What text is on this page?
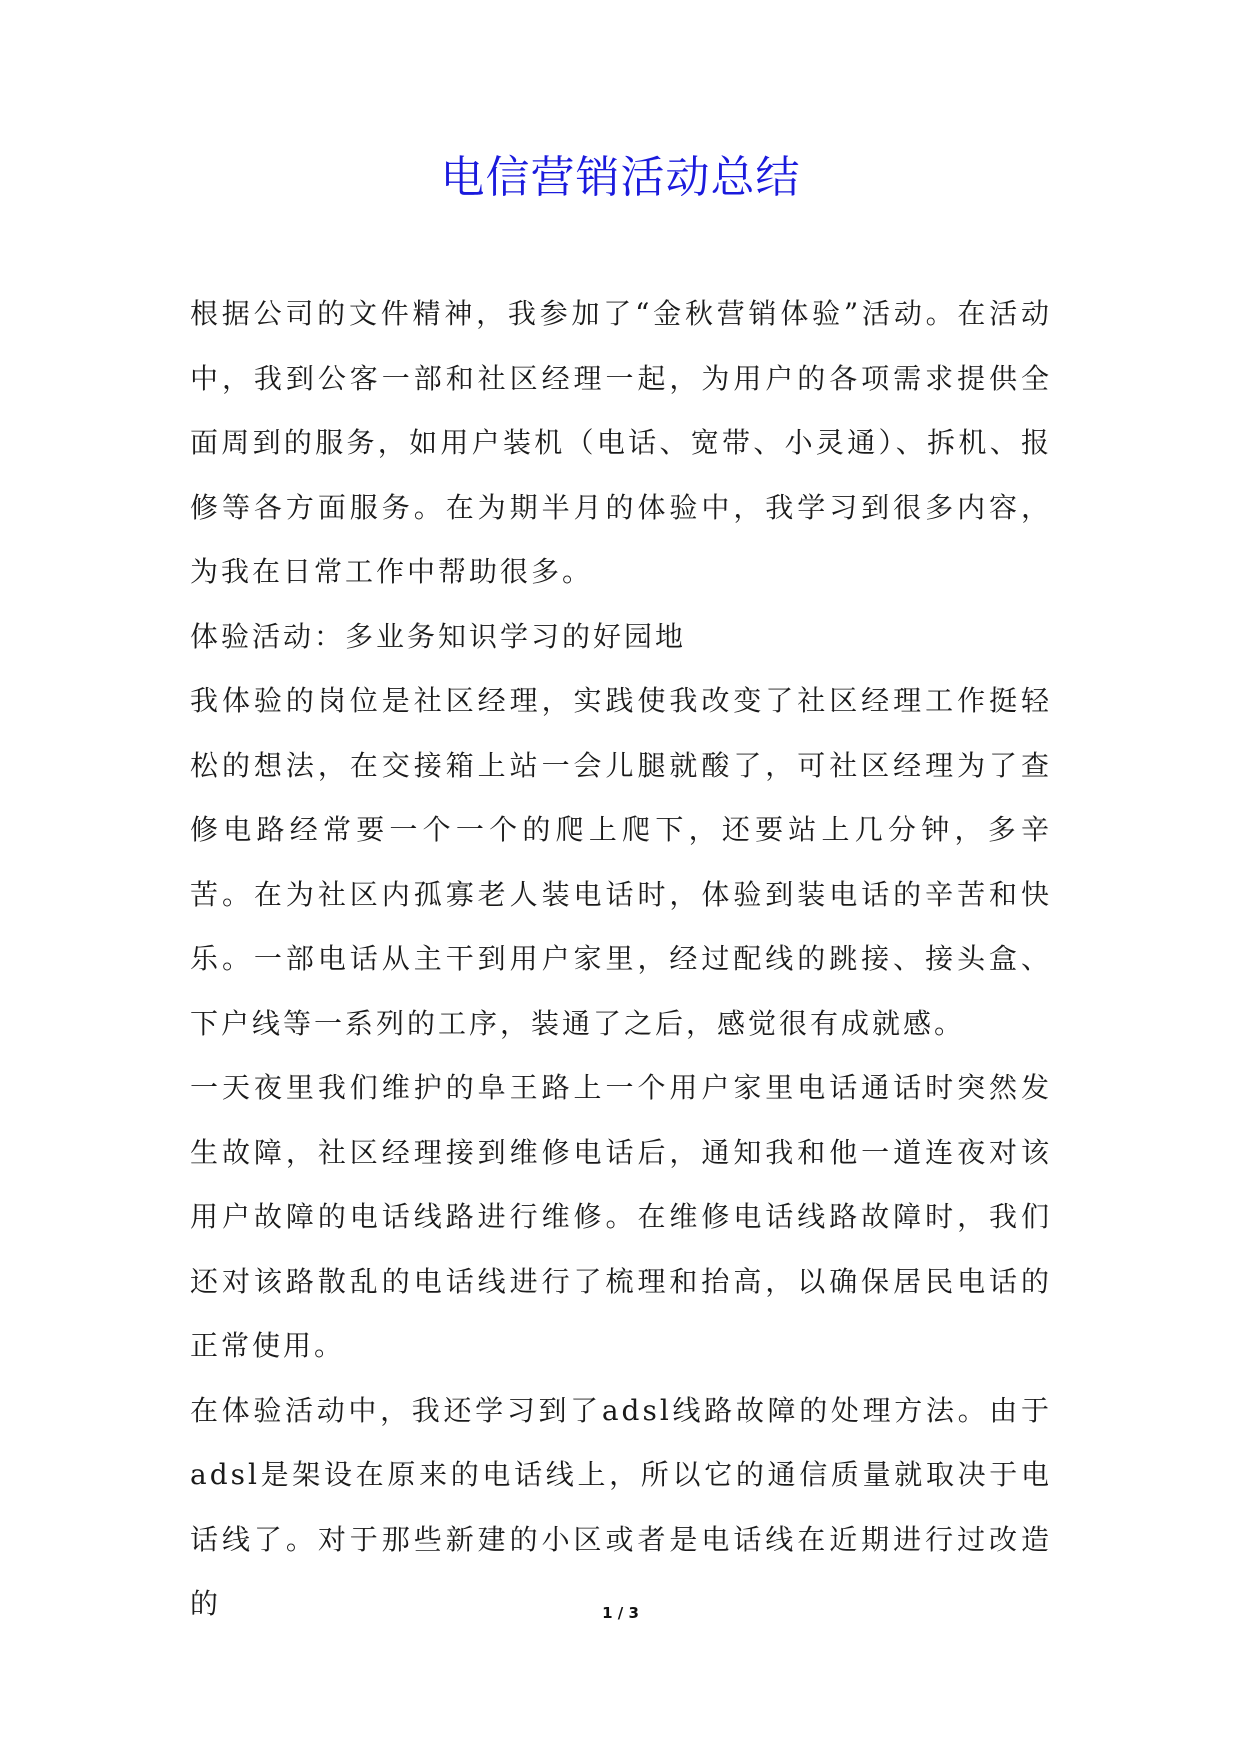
电信营销活动总结

根据公司的文件精神，我参加了“金秋营销体验”活动。在活动中，我到公客一部和社区经理一起，为用户的各项需求提供全面周到的服务，如用户装机（电话、宽带、小灵通）、拆机、报修等各方面服务。在为期半月的体验中，我学习到很多内容，为我在日常工作中帮助很多。

体验活动：多业务知识学习的好园地

我体验的岗位是社区经理，实践使我改变了社区经理工作挺轻松的想法，在交接箱上站一会儿腿就酸了，可社区经理为了查修电路经常要一个一个的爬上爬下，还要站上几分钟，多辛苦。在为社区内孤寡老人装电话时，体验到装电话的辛苦和快乐。一部电话从主干到用户家里，经过配线的跳接、接头盒、下户线等一系列的工序，装通了之后，感觉很有成就感。

一天夜里我们维护的阜王路上一个用户家里电话通话时突然发生故障，社区经理接到维修电话后，通知我和他一道连夜对该用户故障的电话线路进行维修。在维修电话线路故障时，我们还对该路散乱的电话线进行了梳理和抬高，以确保居民电话的正常使用。

在体验活动中，我还学习到了adsl线路故障的处理方法。由于adsl是架设在原来的电话线上，所以它的通信质量就取决于电话线了。对于那些新建的小区或者是电话线在近期进行过改造的	1 / 3
